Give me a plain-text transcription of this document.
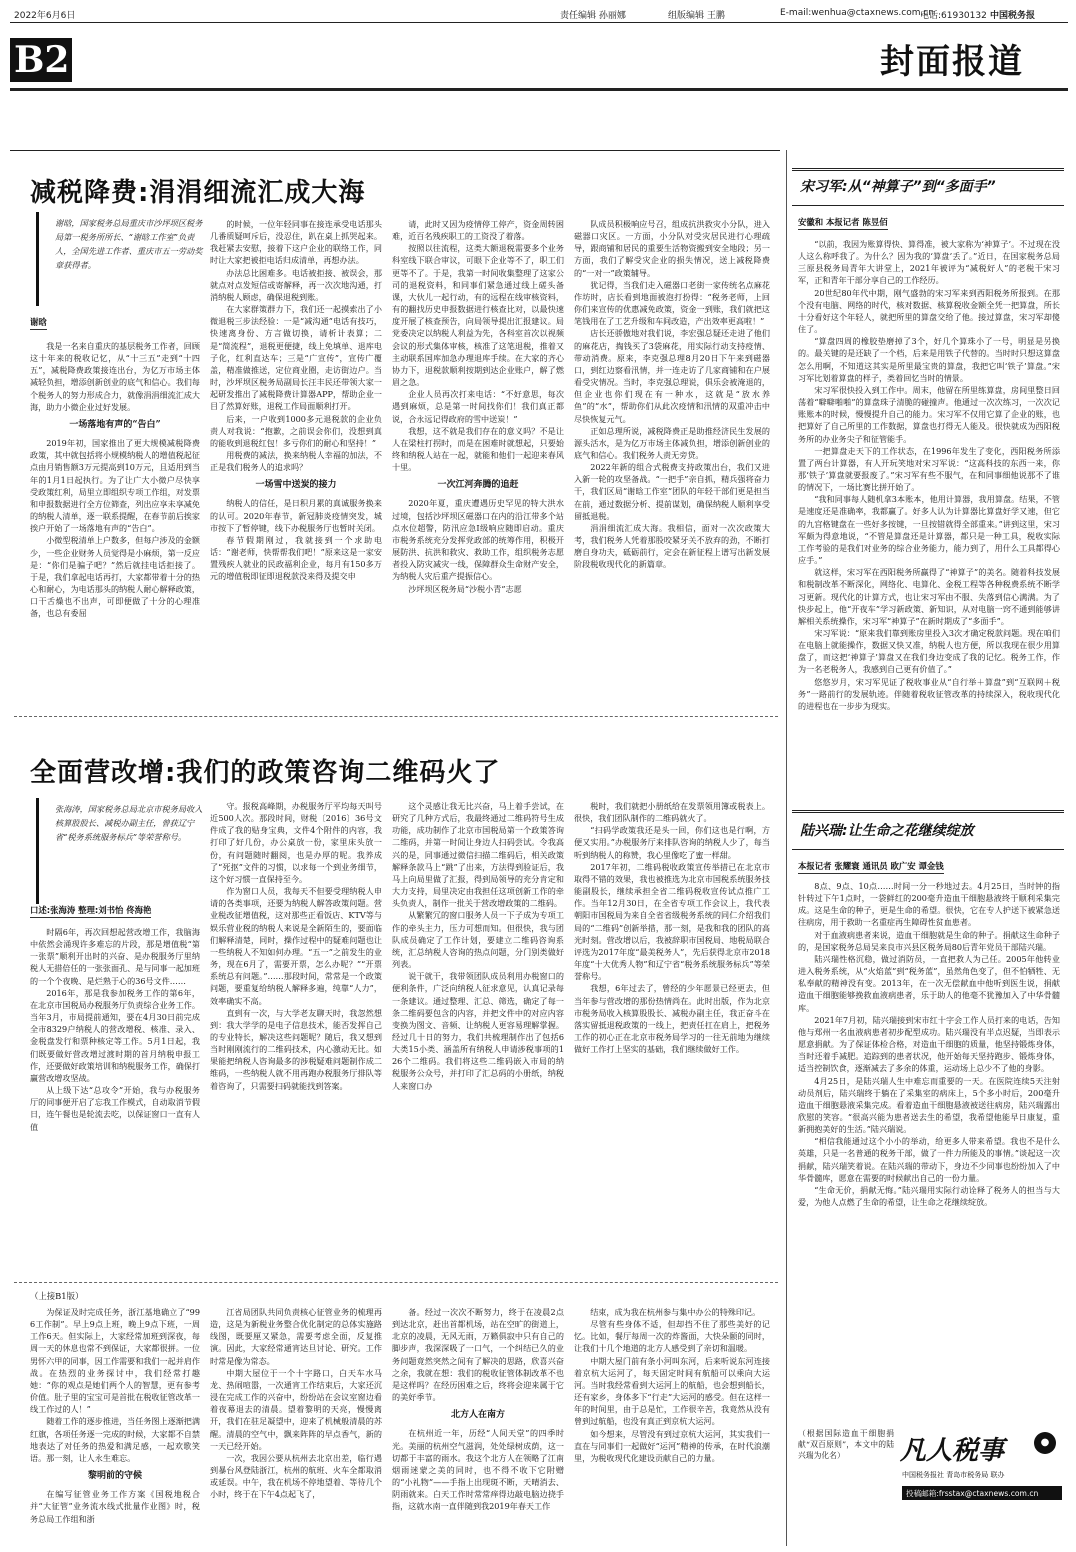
2022年6月6日	责任编辑 孙丽娜	组版编辑 王鹏	E-mail:wenhua@ctaxnews.com.cn
电话:61930132 中国税务报
B2	封面报道
减税降费:涓涓细流汇成大海
谢晗，国家税务总局重庆市沙坪坝区税务局第一税务所所长、“谢晗工作室”负责人，全国先进工作者、重庆市五一劳动奖章获得者。
谢晗

我是一名来自重庆的基层税务工作者，回顾这十年来的税收记忆，从“十三五”走到“十四五”，减税降费政策接连出台，为亿万市场主体减轻负担，增添创新创业的底气和信心。我们每个税务人的努力形成合力，就像涓涓细流汇成大海，助力小微企业过好发展。

一场落地有声的“告白”

2019年初，国家推出了更大规模减税降费政策，其中就包括将小规模纳税人的增值税起征点由月销售额3万元提高到10万元，且适用到当年的1月1日起执行。为了让广大小微户尽快享受政策红利，局里立即组织专项工作组，对发票和申报数据进行全方位筛查，列出应享未享减免的纳税人清单，逐一联系提醒，在春节前后挨家挨户开始了一场落地有声的“告白”。

小微型税清单上户数多，但每户涉及的金额少，一些企业财务人员觉得是小麻烦，第一反应是：“你们是骗子吧？”然后就挂电话拒接了。于是，我们拿起电话再打，大家都带着十分的热心和耐心，为电话那头的纳税人耐心解释政策，口干舌燥也不出声，可即便做了十分的心理准备，也总有委屈

的时候，一位年轻同事在接连承受电话那头几番质疑呵斥后，没忍住，趴在桌上抓哭起来。我赶紧去安慰，接着下这户企业的联络工作，同时让大家把被拒电话归成清单，再想办法。

办法总比困难多。电话被拒接、被误会，那就点对点发短信或寄解释，再一次次地沟通，打消纳税人顾虑，确保退税到账。

在大家群策群力下，我们还一起摸索出了小微退税三步法经验：一是“减沟通”电话有技巧，快速离身份、方言做切换，请析计表算；二是“简流程”，退税更便捷，线上免填单、退库电子化，红利直达车；三是“广宣传”，宣传广覆盖，精准做推送，定位商业圈，走访街边户。当时，沙坪坝区税务局副局长汪丰民还带领大家一起研发推出了减税降费计算器APP，帮助企业一目了然算好账，退税工作局面顺利打开。

后来，一户收到1000多元退税款的企业负责人对我说：“抱歉，之前误会你们，没想到真的能收到退税红包！多亏你们的耐心和坚持！”

用税费的减法，换来纳税人幸福的加法，不正是我们税务人的追求吗？

一场雪中送炭的接力

纳税人的信任，是日积月累的真诚服务换来的认可。2020年春节，新冠肺炎疫情突发，城市按下了暂停键，线下办税服务厅也暂时关闭。

春节假期刚过，我就接到一个求助电话：“谢老师，快帮帮我们吧！”原来这是一家安置残疾人就业的民政福利企业，每月有150多万元的增值税即征即退税款没来得及提交申

请，此时又因为疫情停工停产，资金周转困难，近百名残疾职工的工资没了着落。

按照以往流程，这类大额退税需要多个业务科室线下联合审议，可眼下企业等不了，职工们更等不了。于是，我第一时间收集整理了这家公司的退税资料，和同事们紧急通过线上磋头备课，大伙儿一起行动，有的远程在线审核资料，有的翻找历史申报数据进行核查比对，以最快速度开展了核查预告，向局领导提出汇报建议。局党委决定以纳税人利益为先，各科室首次以视频会议的形式集体审核，核准了这笔退税，推着又主动联系国库加急办理退库手续。在大家的齐心协力下，退税款顺利按期到达企业账户，解了燃眉之急。

企业人员再次打来电话：“不好意思，每次遇到麻烦，总是第一时间找你们！我们真正都说，合永远记得政府的雪中送炭！”

我想，这不就是我们存在的意义吗？不是让人在梁柱打拐时，而是在困难时就想起，只要始终和纳税人站在一起，就能和他们一起迎来春风十里。

一次江河奔腾的追赶

2020年夏，重庆遭遇历史罕见的特大洪水过境，包括沙坪坝区磁器口在内的沿江带多个站点水位超警，防汛应急Ⅰ级响应随即启动。重庆市税务系统充分发挥党政部的统筹作用，积极开展防洪、抗洪和救灾、救助工作，组织税务志愿者投入防灾减灾一线，保障群众生命财产安全，为纳税人灾后重产提振信心。

沙坪坝区税务局“沙税小青”志愿

队成员积极响应号召，组成抗洪救灾小分队，进入磁器口灾区。一方面，小分队对受灾居民进行心理疏导，跟商铺和居民的重要生活物资搬到安全地段；另一方面，我们了解受灾企业的损失情况，送上减税降费的“一对一”政策辅导。

犹记得，当我们走入磁器口老街一家传统名点麻花作坊时，店长看到地面被泡打扮得：“税务老师，上回你们来宣传的优惠减免政策，资金一到账，我们就把这笔钱用在了工艺升级和车间改造，产出效率更高啦！”

店长还骄傲地对我们说，李宏强总疑还走进了他们的麻花店，掏钱买了3袋麻花，用实际行动支持疫情、带动消费。原来，李克强总理8月20日下午来到磁器口，到红边察看汛情，并一连走访了几家商铺和在户展看受灾情况。当时，李克强总理说，俱乐会被淹退的，但企业也你们现在有一种水，这就是“放水养鱼”的“水”，帮助你们从此次疫情和汛情的双重冲击中尽快恢复元气。

正如总理所说，减税降费正是助推经济民生发展的源头活水，是为亿万市场主体减负担，增添创新创业的底气和信心。我们税务人责无旁贷。

2022年新的组合式税费支持政策出台，我们又进入新一轮的攻坚备战。“一把手”亲自抓，精兵强将奋力干，我们区局“谢晗工作室”团队的年轻干部们更是担当在前，通过数据分析、提前谋划，确保纳税人顺利享受留抵退税。

涓涓细流汇成大海。我相信，面对一次次政策大考，我们税务人凭着那股咬紧牙关不放弃的劲，不断打磨自身功夫，砥砺前行，定会在新征程上谱写出新发展阶段税收现代化的新篇章。

全面营改增:我们的政策咨询二维码火了
张海涛，国家税务总局北京市税务局收入核算股股长、减税办副主任，曾获辽宁省“税务系统服务标兵”等荣誉称号。
口述:张海涛 整理:刘书怡 佟海艳

时隔6年，再次回想起营改增工作，我脑海中依然会涌现许多难忘的片段，那是增值税“第一张票”顺利开出时的兴奋、是办税服务厅里纳税人无措倍任的一张张面孔、是与同事一起加班的一个个夜晚、是烂熟于心的36号文件……

2016年，那是我参加税务工作的第6年，在北京市国税局办税服务厅负责综合业务工作。当年3月，市局提前通知，要在4月30日前完成全市8329户纳税人的营改增税、核准、录入、金税盘发行和票种核定等工作。5月1日起，我们既要做好营改增过渡时期的首月纳税申报工作，还要做好政策培训和纳税服务工作，确保打赢营改增攻坚战。

从上级下达“总攻令”开始，我与办税服务厅的同事便开启了忘我工作模式，自动取消节假日，连午餐也是轮流去吃，以保证窗口一直有人值

守。报税高峰期，办税服务厅平均每天叫号近500人次。那段时间，财税〔2016〕36号文件成了我的贴身宝典，文件4个附件的内容，我打印了好几份，办公桌放一份，家里床头放一份，有问题随时翻阅，也是办厚的呢。我养成了“死抠”文件的习惯，以求每一个到业务细节，这个好习惯一直保持至今。

作为窗口人员，我每天不但要受理纳税人申请的各类事项，还要为纳税人解答政策问题。营业税改征增值税，这对那些正看饭店、KTV等与娱乐营业税的纳税人来说是全新陌生的，要面临们解释清楚，同时，操作过程中的疑难问题也让一些纳税人不知如何办理。“五一”之前发生的业务，现在6月了，需要开票，怎么办呢？”“开票系统总有问题。”……那段时间，常常是一个政策问题，要重复给纳税人解释多遍，纯靠“人力”，效率确实不高。

直到有一次，与大学老友聊天时，我忽然想到：我大学学的是电子信息技术，能否发挥自己的专业特长，解决这些问题呢？随后，我又想到当时刚刚流行的二维码技术，内心激动无比。如果能把纳税人咨询最多的涉税疑难问题制作成二维码，一些纳税人就不用再跑办税服务厅排队等着咨询了，只需要扫码就能找到答案。

这个灵感让我无比兴奋，马上着手尝试，在研究了几种方式后，我最终通过二维码符号生成功能，成功制作了北京市国税局第一个政策答询二维码，并第一时间让身边人扫码尝试。令我高兴的是，同事通过微信扫描二维码后，相关政策解释条款马上“跳”了出来，方法得到验证后，我马上向局里做了汇报，得到局领导的充分肯定和大力支持，局里决定由我担任这项创新工作的牵头负责人，制作一批关于营改增政策的二维码。

从繁繁冗的窗口服务人员一下子成为专项工作的牵头主力，压力可想而知。但很快，我与团队成员确定了工作计划，要建立二维码咨询系统，汇总纳税人咨询的热点问题，分门别类做好列表。

说干就干，我带领团队成员利用办税窗口的便利条件，广泛向纳税人征求意见，认真记录每一条建议。通过整理、汇总、筛选，确定了每一条二维码要包含的内容，并把文件中的对应内容变换为图文、音频、让纳税人更容易理解掌握。经过几十日的努力，我们共梳理制作出了包括6大类15小类、涵盖所有纳税人申请涉税事项的126个二维码。我们将这些二维码嵌入市局的纳税服务公众号，并打印了汇总码的小册纸，纳税人来窗口办

税时，我们就把小册纸给在发票领用簿或税表上。很快，我们团队制作的二维码就火了。

“扫码学政策我还是头一回，你们这也是行啊，方便又实用。”办税服务厅来排队咨询的纳税人少了，每当听到纳税人的称赞，我心里像吃了蜜一样甜。

2017年初，二维码税收政策宣传举措已在北京市取得不错的效果，我也被推选为北京市国税系统服务技能副股长，继续承担全省二维码税收宣传试点推广工作。当年12月30日，在全省专项工作会议上，我代表朝阳市国税局为来自全省省级税务系统的同仁介绍我们局的“二维码”创新举措，那一刻，是我和我的团队的高光时刻。营改增以后，我被辞职市国税局、地税局联合评选为2017年度“最美税务人”，先后获得北京市2018年度“十大优秀人物”和辽宁省“税务系统服务标兵”等荣誉称号。

我想，6年过去了，曾经的少年愿景已经更去，但当年参与营改增的那份热情尚在。此时出版，作为北京市税务局收入核算股股长、减税办副主任，我正奋斗在落实留抵退税政策的一线上，把责任扛在肩上，把税务工作的初心正在北京市税务局学习的一往无前地为继续做好工作打上坚实的基础，我们继续做好工作。

（上接B1版）

为保证及时完成任务，浙江基地确立了“996工作制”。早上9点上班，晚上9点下班，一周工作6天。但实际上，大家经常加班到深夜，每周一天的休息也常不到保证，大家都很拼。一位男怀六甲的同事，因工作需要和我们一起并肩作战。在热烈的业务探讨中，我们经常打趣她：“你的观点是她们两个人的智慧，更有参考价值。肚子里的宝宝可是首批在税收征管改革一线工作过的人！”

随着工作的逐步推进，当任务图上逐渐把满红旗，各项任务逐一完成的时候，大家都不自禁地表达了对任务的热爱和满足感，一起欢歌笑语。那一刻，让人永生难忘。

黎明前的守候

在编写征管业务工作方案《国税地税合并“大征管”业务流水线式批量作业图》时，税务总局工作组和浙

江省局团队共同负责核心征管业务的梳理再造，这是为新税业务整合优化制定的总体实施路线图，既要厘又紧急，需要考虑全面，反复推演。因此，大家经常通宵达旦讨论、研究。工作时常是像为常态。

中期大屋位于一个十字路口，白天车水马龙、热闹喧嚣，一次通宵工作结束后，大家还沉浸在完成工作的兴奋中，纷纷站在会议室窗边看着夜幕退去的清晨。望着黎明的天亮，慢慢离开，我们在驻足凝望中，迎来了机械般清晨的苏醒。清晨的空气中，飘来阵阵的早点香气，新的一天已经开始。

一次，我因公要从杭州去北京出差，临行遇到暴台风登陆浙江，杭州的航班、火车全都取消或延误。中午，我在机场不停地望着、等待几个小时，终于在下午4点起飞了，

备。经过一次次不断努力，终于在凌晨2点到达北京，赶出首都机场，站在空旷的街道上，北京的凌晨，无风无雨，万籁俱寂中只有自己的脚步声，我深深吸了一口气，一个纠结已久的业务问题竟然突然之间有了解决的思路，欣喜兴奋之余，我就在想：我们的税收征管体制改革不也是这样吗？在经历困难之后，终将会迎来属于它的美好季节。

北方人在南方

在杭州近一年，历经“人间天堂”的四季时光。美丽的杭州空气滋润，处处绿树成荫，这一切都于丰富的雨水。我这个北方人在领略了江南烟雨迷蒙之美的同时，也不得不收下它附赠的“小礼物”——手指上出现斑不断，天晴消去、阴雨就来。白天工作时常常痒得边敲电脑边挠手指，这就水南一直伴随到我2019年春天工作

结束，成为我在杭州参与集中办公的特殊印记。

尽管有些身体不适，但却挡不住了那些美好的记忆。比如，餐厅每周一次的炸酱面，大快朵颐的同时，让我们十几个地道的北方人感受到了亲切和温暖。

中期大屋门前有条小河叫东河，后来听说东河连接着京杭大运河了，每天固定时间有航船可以乘向大运河。当时我经常看到大运河上的航船，也会想到船长，还有家乡，身体多下“行走”大运河的感受。但在这样一年的时间里，由于总是忙，工作很辛苦，我竟然从没有曾到过航船，也没有真正到京杭大运河。

如今想来，尽管没有到过京杭大运河，其实我们一直在与同事们一起做好“运河”精神的传承，在时代浪潮里，为税收现代化建设贡献自己的力量。

宋习军:从“神算子”到“多面手”
安徽和 本报记者 陈昱佰

“以前，我因为账算得快、算得准，被大家称为‘神算子’。不过现在没人这么称呼我了。为什么？因为我的‘算盘’丢了。”近日，在国家税务总局三原县税务局青年大讲堂上，2021年被评为“减税好人”的老税干宋习军，正和青年干部分享自己的工作经历。

20世纪80年代中期，刚气盛勃的宋习军来到西阳税务所报到。在那个没有电脑、网络的时代，核对数据、核算税收金额全凭一把算盘，所长十分看好这个年轻人，就把所里的算盘交给了他。接过算盘，宋习军却傻住了。

“算盘四周的橡胶垫磨掉了3个，好几个算珠小了一号，明显是另换的。最关键的是还缺了一个档，后来是用铁子代替的。当时时只想这算盘怎么用啊，不知道这其实是所里最宝贵的算盘，我把它叫‘铁子’算盘。”宋习军比划着算盘的样子，类着回忆当时的情景。

宋习军很快投入到工作中。周末，他留在所里练算盘，房间里整日回荡着“噼噼啪啪”的算盘珠子清脆的碰撞声。他通过一次次练习，一次次记账账本的时候，慢慢提升自己的能力。宋习军不仅用它算了企业的账，也把算好了自己所里的工作数据，算盘也打得无人能及。很快就成为西阳税务所的办业务尖子和征管能手。

一把算盘走天下的工作状态，在1996年发生了变化，西阳税务所添置了两台计算器，有人开玩笑地对宋习军说：“这高科技的东西一来，你那‘铁子’算盘就要报废了。”宋习军有些不服气，在和同事细他说那不了谁的情况下，一场比赛比拼开始了。

“我和同事每人随机拿3本账本，他用计算器，我用算盘。结果，不管是速度还是准确率，我都赢了。好多人认为计算器比算盘好学又速，但它的九宫格键盘在一些好多按键，一旦按错就得全部重来。”讲到这里，宋习军颇为得意地说，“不管是算盘还是计算器，都只是一种工具，税收实际工作考验的是我们对业务的综合业务能力，能力到了，用什么工具都得心应手。”

就这样，宋习军在西阳税务所赢得了“神算子”的美名。随着科技发展和税制改革不断深化，网络化、电算化、金税工程等各种税费系统不断学习更新。现代化的计算方式，也让宋习军由不服、失落到信心满满。为了快步起上，他“开夜车”学习新政策、新知识，从对电脑一窍不通到能够讲解相关系统操作，宋习军“神算子”在新时期成了“多面手”。

宋习军说：“原来我们靠到账房里投入3次才确定税款问题。现在咱们在电脑上就能操作，数据又快又准，纳税人也方便，所以我现在很少用算盘了，而这把‘神算子’算盘又在我们身边变成了我的记忆。税务工作，作为一名老税务人，我感到自己更有价值了。”

悠悠岁月，宋习军见证了税收事业从“自行举＋算盘”到“互联网＋税务”一路前行的发展轨迹。伴随着税收征管改革的持续深入，税收现代化的进程也在一步步为现实。

陆兴瑞:让生命之花继续绽放
本报记者 张耀寰 通讯员 欧广安 谭金钱

8点、9点、10点……时间一分一秒地过去。4月25日，当时钟的指针转过下午1点时，一袋鲜红的200毫升造血干细胞悬液终于顺利采集完成。这是生命的种子，更是生命的希望。很快，它在专人护送下被紧急送往病房，用于救助一名重症再生障碍性贫血患者。

对于血液病患者来说，造血干细胞就是生命的种子。捐献这生命种子的，是国家税务总局吴来良市兴县区税务局80后青年党员干部陆兴瑞。

陆兴瑞性格沉稳，做过消防员，一直把救人为己任。2005年他转业进入税务系统，从“火焰蓝”到“税务蓝”，虽然角色变了，但不怕牺牲、无私奉献的精神没有变。2013年，在一次无偿献血中他听到医生说，捐献造血干细胞能够挽救血液病患者，乐于助人的他毫不犹豫加入了中华骨髓库。

2021年7月初，陆兴瑞接到宋市红十字会工作人员打来的电话，告知他与郑州一名血液病患者初步配型成功。陆兴瑞没有半点迟疑，当即表示愿意捐献。为了保证体检合格，对造血干细胞的质量，他坚持锻炼身体，当时还着手减肥。追踪到的患者状况，他开始每天坚持跑步、锻炼身体，适当控制饮食，逐渐减去了多余的体重，运动场上总少不了他的身影。

4月25日，是陆兴瑞人生中难忘而重要的一天。在医院连续5天注射动员剂后，陆兴瑞终于躺在了采集室的病床上，5个多小时后，200毫升造血干细胞悬液采集完成。看着造血干细胞悬液被送往病房，陆兴瑞露出欣慰的笑容。“很高兴能为患者送去生的希望，我希望他能早日康复，重新拥抱美好的生活。”陆兴瑞说。

“相信我能通过这个小小的举动，给更多人带来希望。我也不是什么英雄，只是一名普通的税务干部，做了一件力所能及的事情。”谈起这一次捐献，陆兴瑞笑着说。在陆兴瑞的带动下，身边不少同事也纷纷加入了中华骨髓库，愿意在需要的时候献出自己的一份力量。

“生命无价，捐献无悔。”陆兴瑞用实际行动诠释了税务人的担当与大爱，为他人点燃了生命的希望，让生命之花继续绽放。

（根据国际造血干细胞捐献“双百原则”，本文中的陆兴瑞为化名）	凡人税事	●
中国税务报社 青岛市税务局 联办
投稿邮箱:frsstax@ctaxnews.com.cn
